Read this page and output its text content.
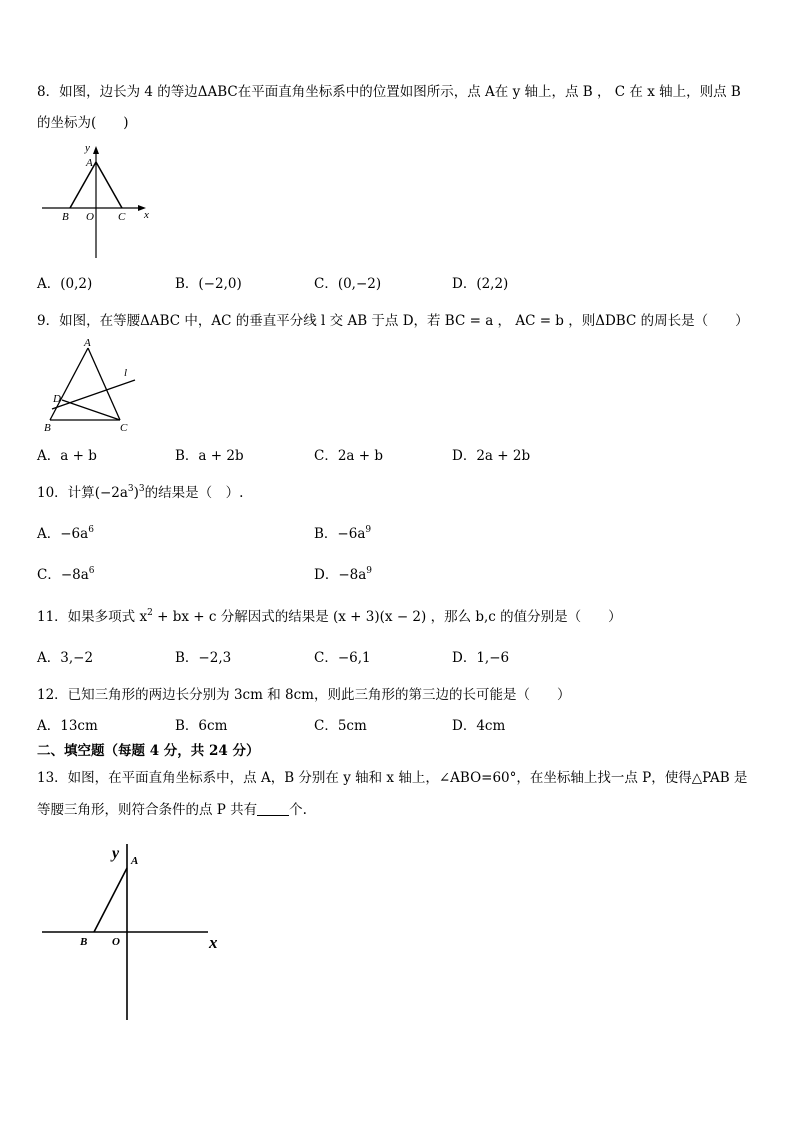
8．如图，边长为 4 的等边ΔABC在平面直角坐标系中的位置如图所示，点 A在 y 轴上，点 B ， C 在 x 轴上，则点 B
的坐标为(　　)
y
A
B O C x
A．(0,2)	B．(−2,0)	C．(0,−2)	D．(2,2)
9．如图，在等腰ΔABC 中，AC 的垂直平分线 l 交 AB 于点 D，若 BC = a ， AC = b ，则ΔDBC 的周长是（　　）
A
l
D
B	C
A．a + b	B．a + 2b	C．2a + b	D．2a + 2b
10．计算$(-2a^3)^3$的结果是（　）.
A．$-6a^6$	B．$-6a^9$
C．$-8a^6$	D．$-8a^9$
11．如果多项式 $x^2$ + bx + c 分解因式的结果是 (x + 3)(x − 2) ，那么 b,c 的值分别是（　　）
A．3,−2	B．−2,3	C．−6,1	D．1,−6
12．已知三角形的两边长分别为 3cm 和 8cm，则此三角形的第三边的长可能是（　　）
A．13cm	B．6cm	C．5cm	D．4cm
二、填空题（每题 4 分，共 24 分）
13．如图，在平面直角坐标系中，点 A，B 分别在 y 轴和 x 轴上，∠ABO=60°，在坐标轴上找一点 P，使得△PAB 是
等腰三角形，则符合条件的点 P 共有 个.
y A
B O	x
